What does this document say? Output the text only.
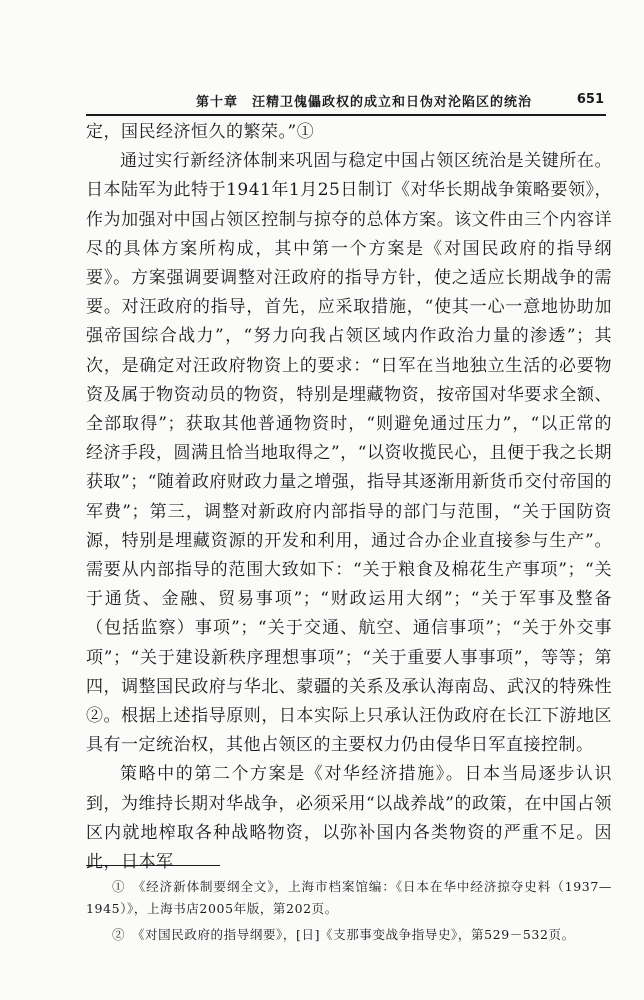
第十章　汪精卫傀儡政权的成立和日伪对沦陷区的统治	651

定，国民经济恒久的繁荣。”①

通过实行新经济体制来巩固与稳定中国占领区统治是关键所在。日本陆军为此特于1941年1月25日制订《对华长期战争策略要领》，作为加强对中国占领区控制与掠夺的总体方案。该文件由三个内容详尽的具体方案所构成，其中第一个方案是《对国民政府的指导纲要》。方案强调要调整对汪政府的指导方针，使之适应长期战争的需要。对汪政府的指导，首先，应采取措施，“使其一心一意地协助加强帝国综合战力”，“努力向我占领区域内作政治力量的渗透”；其次，是确定对汪政府物资上的要求：“日军在当地独立生活的必要物资及属于物资动员的物资，特别是埋藏物资，按帝国对华要求全额、全部取得”；获取其他普通物资时，“则避免通过压力”，“以正常的经济手段，圆满且恰当地取得之”，“以资收揽民心，且便于我之长期获取”；“随着政府财政力量之增强，指导其逐渐用新货币交付帝国的军费”；第三，调整对新政府内部指导的部门与范围，“关于国防资源，特别是埋藏资源的开发和利用，通过合办企业直接参与生产”。需要从内部指导的范围大致如下：“关于粮食及棉花生产事项”；“关于通货、金融、贸易事项”；“财政运用大纲”；“关于军事及整备（包括监察）事项”；“关于交通、航空、通信事项”；“关于外交事项”；“关于建设新秩序理想事项”；“关于重要人事事项”，等等；第四，调整国民政府与华北、蒙疆的关系及承认海南岛、武汉的特殊性②。根据上述指导原则，日本实际上只承认汪伪政府在长江下游地区具有一定统治权，其他占领区的主要权力仍由侵华日军直接控制。

策略中的第二个方案是《对华经济措施》。日本当局逐步认识到，为维持长期对华战争，必须采用“以战养战”的政策，在中国占领区内就地榨取各种战略物资，以弥补国内各类物资的严重不足。因此，日本军

①　《经济新体制要纲全文》，上海市档案馆编：《日本在华中经济掠夺史料（1937—1945）》，上海书店2005年版，第202页。

②　《对国民政府的指导纲要》，[日]《支那事变战争指导史》，第529－532页。
